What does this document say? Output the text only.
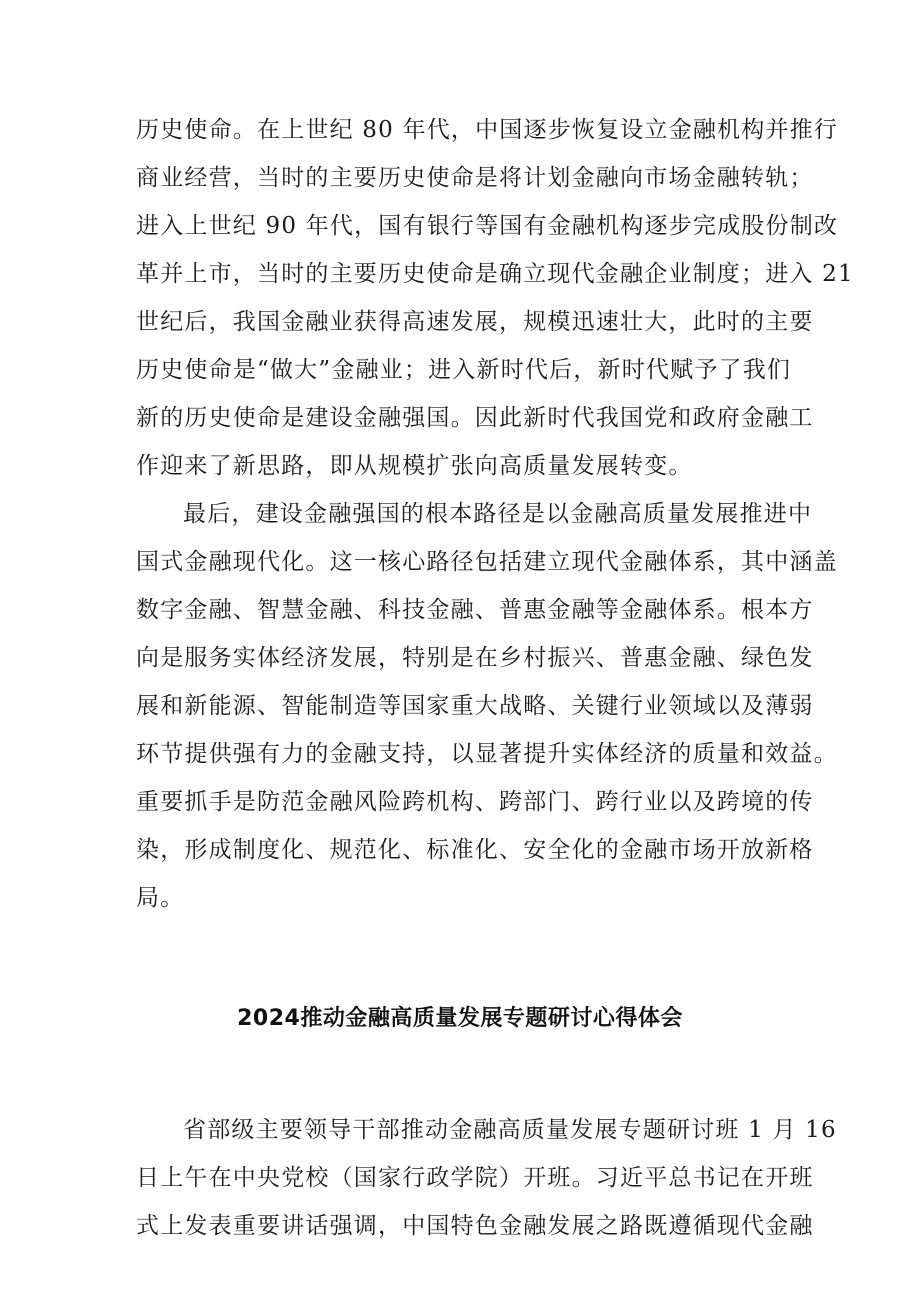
历史使命。在上世纪 80 年代，中国逐步恢复设立金融机构并推行
商业经营，当时的主要历史使命是将计划金融向市场金融转轨；
进入上世纪 90 年代，国有银行等国有金融机构逐步完成股份制改
革并上市，当时的主要历史使命是确立现代金融企业制度；进入 21
世纪后，我国金融业获得高速发展，规模迅速壮大，此时的主要
历史使命是“做大”金融业；进入新时代后，新时代赋予了我们
新的历史使命是建设金融强国。因此新时代我国党和政府金融工
作迎来了新思路，即从规模扩张向高质量发展转变。
最后，建设金融强国的根本路径是以金融高质量发展推进中
国式金融现代化。这一核心路径包括建立现代金融体系，其中涵盖
数字金融、智慧金融、科技金融、普惠金融等金融体系。根本方
向是服务实体经济发展，特别是在乡村振兴、普惠金融、绿色发
展和新能源、智能制造等国家重大战略、关键行业领域以及薄弱
环节提供强有力的金融支持，以显著提升实体经济的质量和效益。
重要抓手是防范金融风险跨机构、跨部门、跨行业以及跨境的传
染，形成制度化、规范化、标准化、安全化的金融市场开放新格
局。
2024推动金融高质量发展专题研讨心得体会
省部级主要领导干部推动金融高质量发展专题研讨班 1 月 16
日上午在中央党校（国家行政学院）开班。习近平总书记在开班
式上发表重要讲话强调，中国特色金融发展之路既遵循现代金融
